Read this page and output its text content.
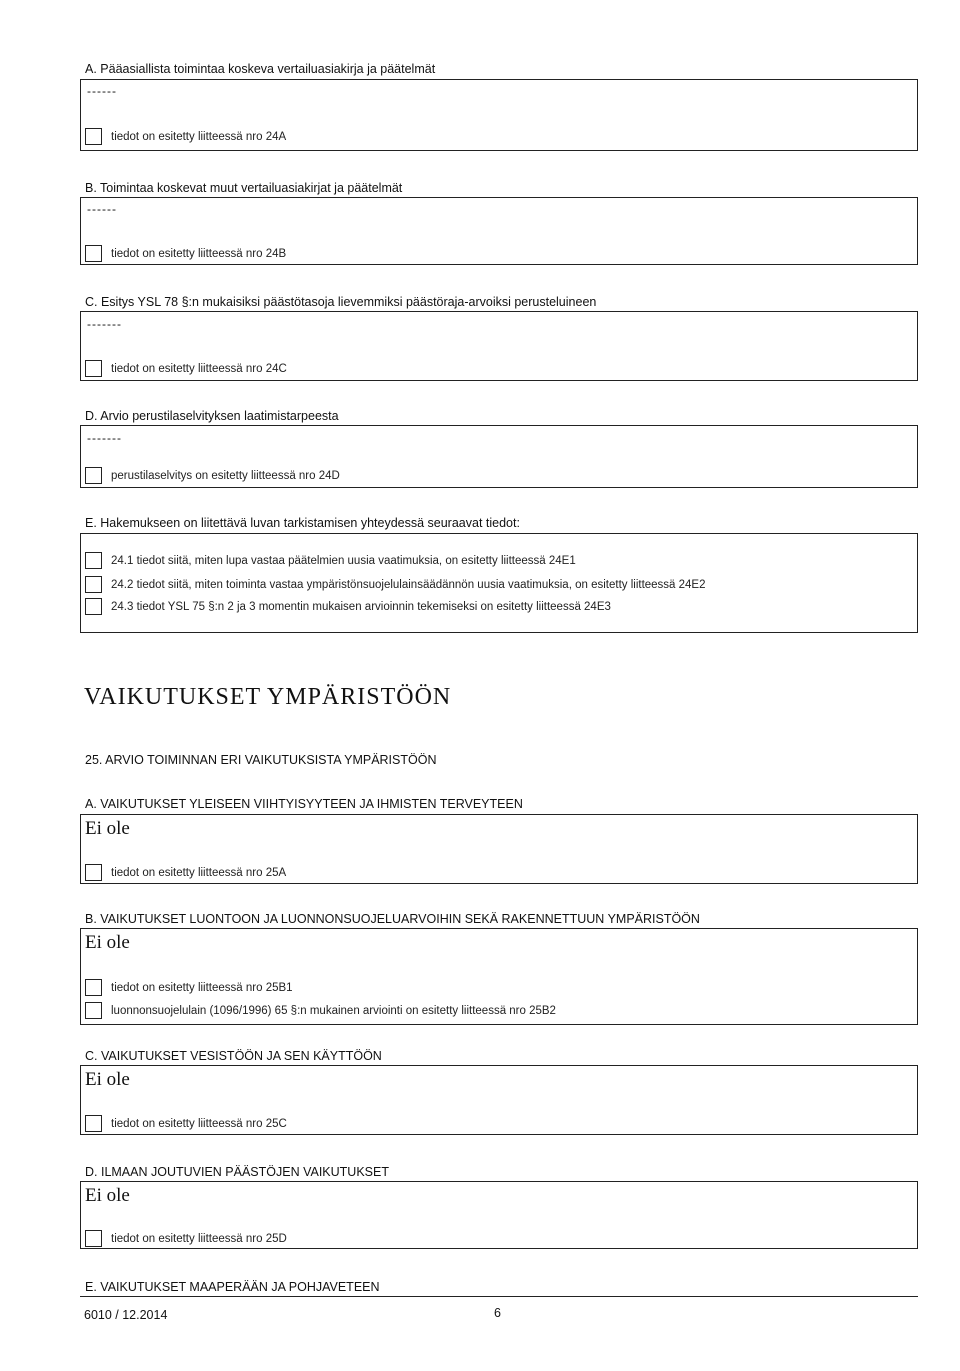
A. Pääasiallista toimintaa koskeva vertailuasiakirja ja päätelmät
------
tiedot on esitetty liitteessä nro 24A
B. Toimintaa koskevat muut vertailuasiakirjat ja päätelmät
------
tiedot on esitetty liitteessä nro 24B
C. Esitys YSL 78 §:n mukaisiksi päästötasoja lievemmiksi päästöraja-arvoiksi perusteluineen
-------
tiedot on esitetty liitteessä nro 24C
D. Arvio perustilaselvityksen laatimistarpeesta
-------
perustilaselvitys on esitetty liitteessä nro 24D
E. Hakemukseen on liitettävä luvan tarkistamisen yhteydessä seuraavat tiedot:
24.1 tiedot siitä, miten lupa vastaa päätelmien uusia vaatimuksia, on esitetty liitteessä 24E1
24.2 tiedot siitä, miten toiminta vastaa ympäristönsuojelulainsäädännön uusia vaatimuksia, on esitetty liitteessä 24E2
24.3 tiedot YSL 75 §:n 2 ja 3 momentin mukaisen arvioinnin tekemiseksi on esitetty liitteessä 24E3
VAIKUTUKSET YMPÄRISTÖÖN
25. ARVIO TOIMINNAN ERI VAIKUTUKSISTA YMPÄRISTÖÖN
A. VAIKUTUKSET YLEISEEN VIIHTYISYYTEEN JA IHMISTEN TERVEYTEEN
Ei ole
tiedot on esitetty liitteessä nro 25A
B. VAIKUTUKSET LUONTOON JA LUONNONSUOJELUARVOIHIN SEKÄ RAKENNETTUUN YMPÄRISTÖÖN
Ei ole
tiedot on esitetty liitteessä nro 25B1
luonnonsuojelulain (1096/1996) 65 §:n mukainen arviointi on esitetty liitteessä nro 25B2
C. VAIKUTUKSET VESISTÖÖN JA SEN KÄYTTÖÖN
Ei ole
tiedot on esitetty liitteessä nro 25C
D. ILMAAN JOUTUVIEN PÄÄSTÖJEN VAIKUTUKSET
Ei ole
tiedot on esitetty liitteessä nro 25D
E. VAIKUTUKSET MAAPERÄÄN JA POHJAVETEEN
6010 / 12.2014	6
